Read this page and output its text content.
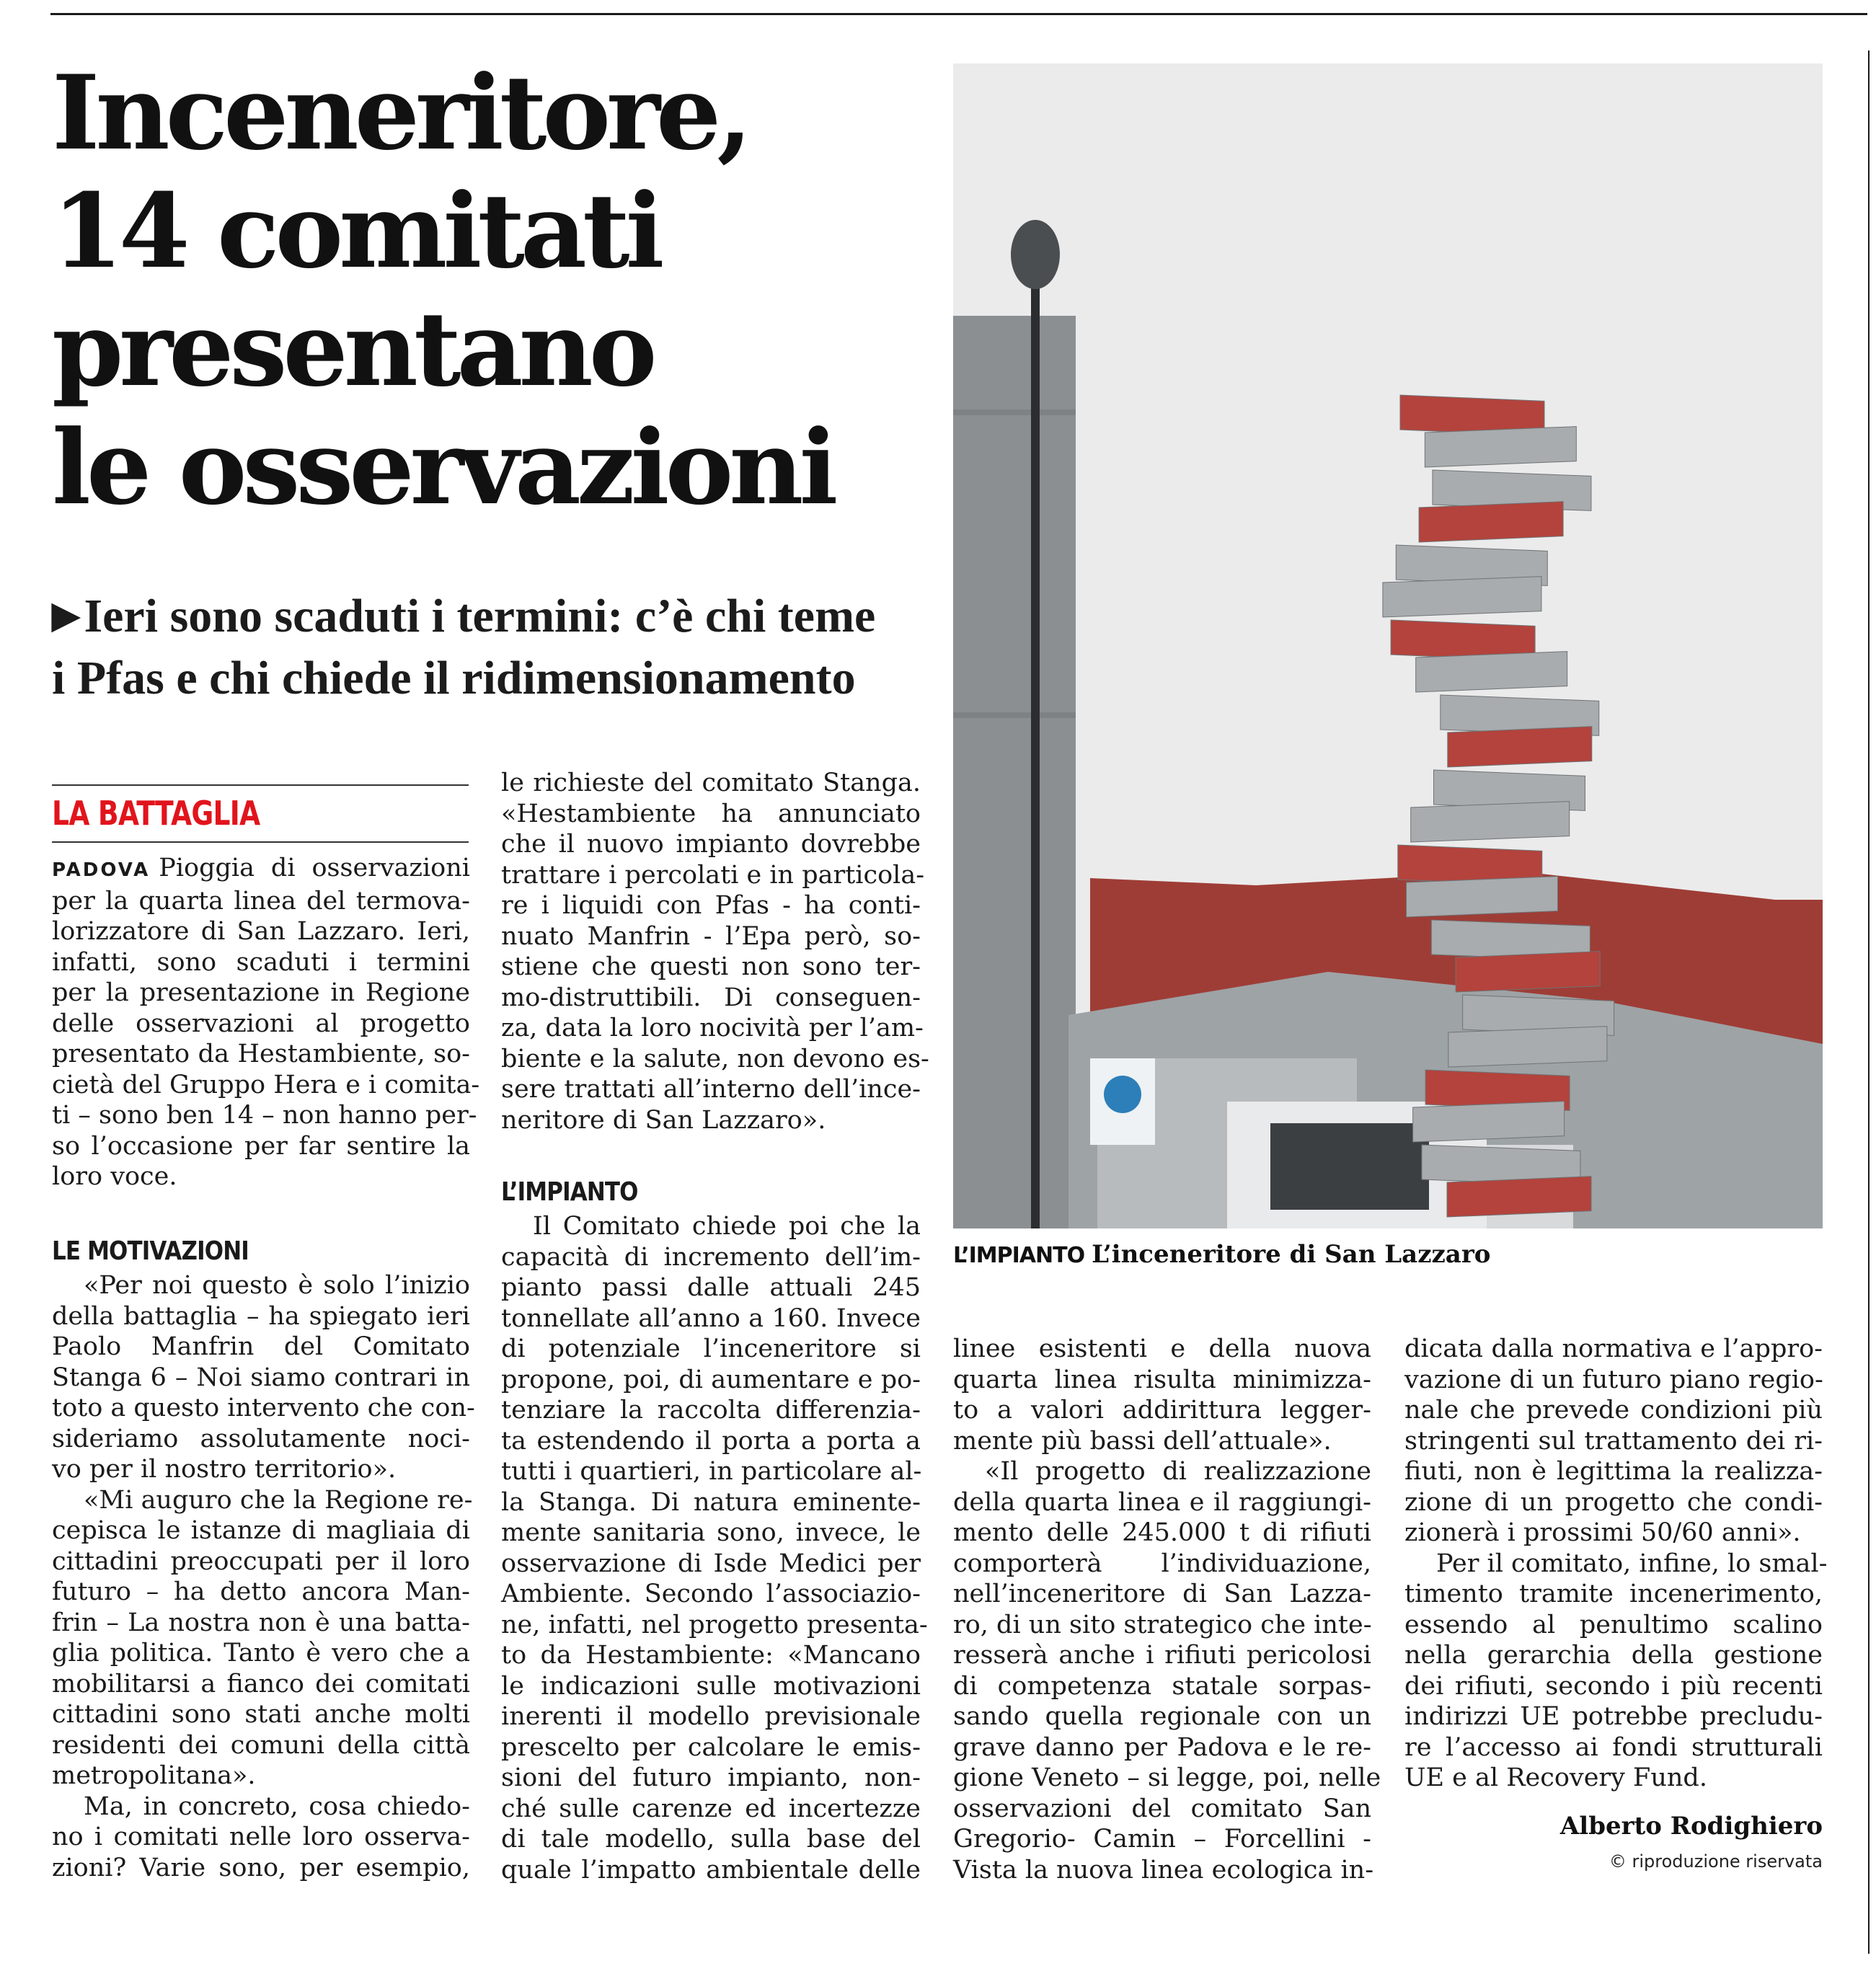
Inceneritore,
14 comitati
presentano
le osservazioni
▶Ieri sono scaduti i termini: c’è chi teme
i Pfas e chi chiede il ridimensionamento
LA BATTAGLIA

PADOVA Pioggia di osservazioni
per la quarta linea del termova-
lorizzatore di San Lazzaro. Ieri,
infatti, sono scaduti i termini
per la presentazione in Regione
delle osservazioni al progetto
presentato da Hestambiente, so-
cietà del Gruppo Hera e i comita-
ti – sono ben 14 – non hanno per-
so l’occasione per far sentire la
loro voce.

LE MOTIVAZIONI

«Per noi questo è solo l’inizio
della battaglia – ha spiegato ieri
Paolo Manfrin del Comitato
Stanga 6 – Noi siamo contrari in
toto a questo intervento che con-
sideriamo assolutamente noci-
vo per il nostro territorio».

«Mi auguro che la Regione re-
cepisca le istanze di magliaia di
cittadini preoccupati per il loro
futuro – ha detto ancora Man-
frin – La nostra non è una batta-
glia politica. Tanto è vero che a
mobilitarsi a fianco dei comitati
cittadini sono stati anche molti
residenti dei comuni della città
metropolitana».

Ma, in concreto, cosa chiedo-
no i comitati nelle loro osserva-
zioni? Varie sono, per esempio,

le richieste del comitato Stanga.
«Hestambiente ha annunciato
che il nuovo impianto dovrebbe
trattare i percolati e in particola-
re i liquidi con Pfas - ha conti-
nuato Manfrin - l’Epa però, so-
stiene che questi non sono ter-
mo-distruttibili. Di conseguen-
za, data la loro nocività per l’am-
biente e la salute, non devono es-
sere trattati all’interno dell’ince-
neritore di San Lazzaro».

L’IMPIANTO

Il Comitato chiede poi che la
capacità di incremento dell’im-
pianto passi dalle attuali 245
tonnellate all’anno a 160. Invece
di potenziale l’inceneritore si
propone, poi, di aumentare e po-
tenziare la raccolta differenzia-
ta estendendo il porta a porta a
tutti i quartieri, in particolare al-
la Stanga. Di natura eminente-
mente sanitaria sono, invece, le
osservazione di Isde Medici per
Ambiente. Secondo l’associazio-
ne, infatti, nel progetto presenta-
to da Hestambiente: «Mancano
le indicazioni sulle motivazioni
inerenti il modello previsionale
prescelto per calcolare le emis-
sioni del futuro impianto, non-
ché sulle carenze ed incertezze
di tale modello, sulla base del
quale l’impatto ambientale delle

linee esistenti e della nuova
quarta linea risulta minimizza-
to a valori addirittura legger-
mente più bassi dell’attuale».

«Il progetto di realizzazione
della quarta linea e il raggiungi-
mento delle 245.000 t di rifiuti
comporterà l’individuazione,
nell’inceneritore di San Lazza-
ro, di un sito strategico che inte-
resserà anche i rifiuti pericolosi
di competenza statale sorpas-
sando quella regionale con un
grave danno per Padova e le re-
gione Veneto – si legge, poi, nelle
osservazioni del comitato San
Gregorio- Camin – Forcellini -
Vista la nuova linea ecologica in-

dicata dalla normativa e l’appro-
vazione di un futuro piano regio-
nale che prevede condizioni più
stringenti sul trattamento dei ri-
fiuti, non è legittima la realizza-
zione di un progetto che condi-
zionerà i prossimi 50/60 anni».

Per il comitato, infine, lo smal-
timento tramite incenerimento,
essendo al penultimo scalino
nella gerarchia della gestione
dei rifiuti, secondo i più recenti
indirizzi UE potrebbe precludu-
re l’accesso ai fondi strutturali
UE e al Recovery Fund.

Alberto Rodighiero

© riproduzione riservata

L’IMPIANTO L’inceneritore di San Lazzaro
